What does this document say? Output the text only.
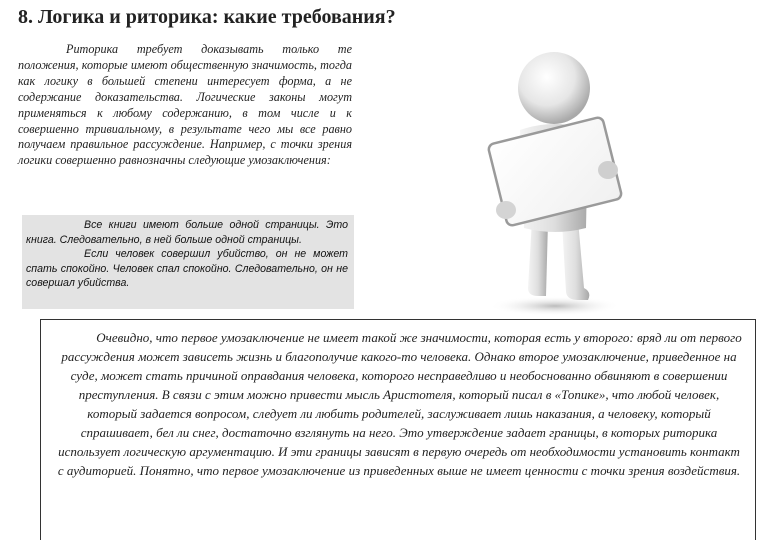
8. Логика и риторика: какие требования?
Риторика требует доказывать только те положения, которые имеют общественную значимость, тогда как логику в большей степени интересует форма, а не содержание доказательства. Логические законы могут применяться к любому содержанию, в том числе и к совершенно тривиальному, в результате чего мы все равно получаем правильное рассуждение. Например, с точки зрения логики совершенно равнозначны следующие умозаключения:
Все книги имеют больше одной страницы. Это книга. Следовательно, в ней больше одной страницы.
Если человек совершил убийство, он не может спать спокойно. Человек спал спокойно. Следовательно, он не совершал убийства.
Очевидно, что первое умозаключение не имеет такой же значимости, которая есть у второго: вряд ли от первого рассуждения может зависеть жизнь и благополучие какого-то человека. Однако второе умозаключение, приведенное на суде, может стать причиной оправдания человека, которого несправедливо и необоснованно обвиняют в совершении преступления. В связи с этим можно привести мысль Аристотеля, который писал в «Топике», что любой человек, который задается вопросом, следует ли любить родителей, заслуживает лишь наказания, а человеку, который спрашивает, бел ли снег, достаточно взглянуть на него. Это утверждение задает границы, в которых риторика использует логическую аргументацию. И эти границы зависят в первую очередь от необходимости установить контакт с аудиторией. Понятно, что первое умозаключение из приведенных выше не имеет ценности с точки зрения воздействия.
